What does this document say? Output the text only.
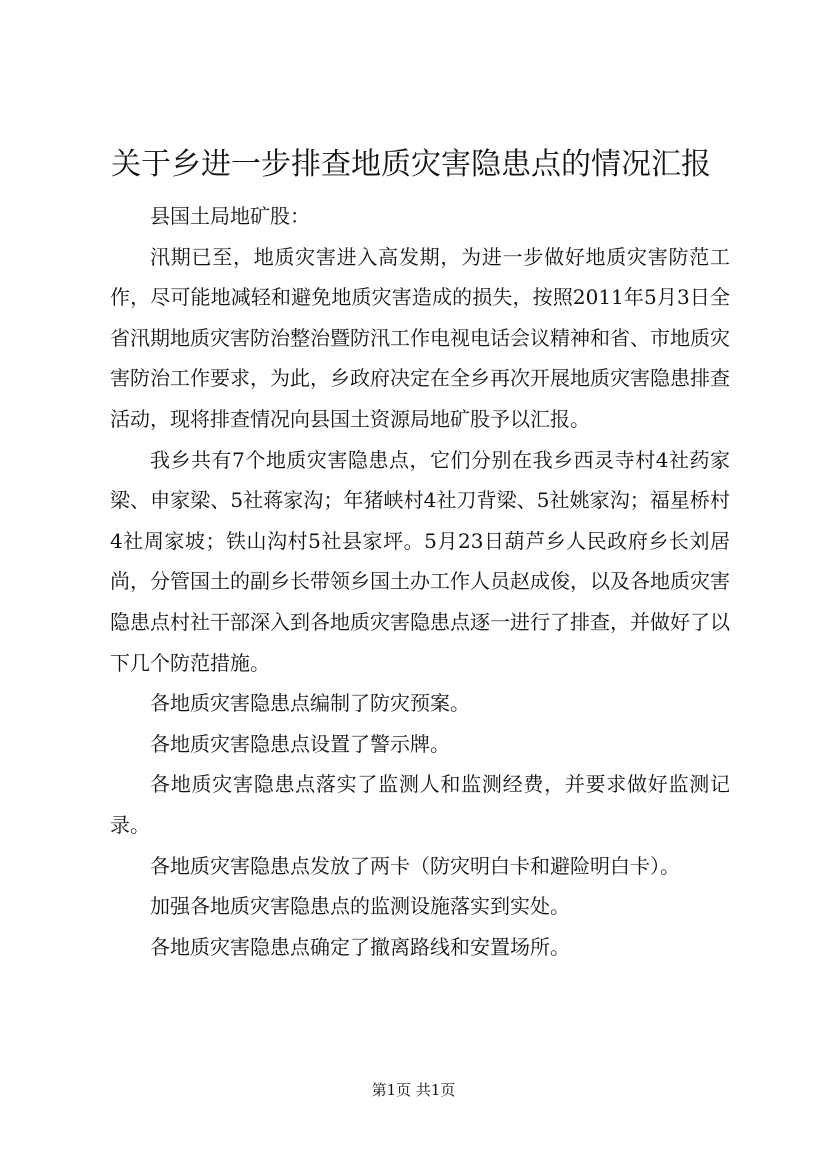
关于乡进一步排查地质灾害隐患点的情况汇报

县国土局地矿股：

汛期已至，地质灾害进入高发期，为进一步做好地质灾害防范工作，尽可能地减轻和避免地质灾害造成的损失，按照2011年5月3日全省汛期地质灾害防治整治暨防汛工作电视电话会议精神和省、市地质灾害防治工作要求，为此，乡政府决定在全乡再次开展地质灾害隐患排查活动，现将排查情况向县国土资源局地矿股予以汇报。

我乡共有7个地质灾害隐患点，它们分别在我乡西灵寺村4社药家梁、申家梁、5社蒋家沟；年猪峡村4社刀背梁、5社姚家沟；福星桥村4社周家坡；铁山沟村5社县家坪。5月23日葫芦乡人民政府乡长刘居尚，分管国土的副乡长带领乡国土办工作人员赵成俊，以及各地质灾害隐患点村社干部深入到各地质灾害隐患点逐一进行了排查，并做好了以下几个防范措施。

各地质灾害隐患点编制了防灾预案。

各地质灾害隐患点设置了警示牌。

各地质灾害隐患点落实了监测人和监测经费，并要求做好监测记录。

各地质灾害隐患点发放了两卡（防灾明白卡和避险明白卡）。

加强各地质灾害隐患点的监测设施落实到实处。

各地质灾害隐患点确定了撤离路线和安置场所。

第1页 共1页
